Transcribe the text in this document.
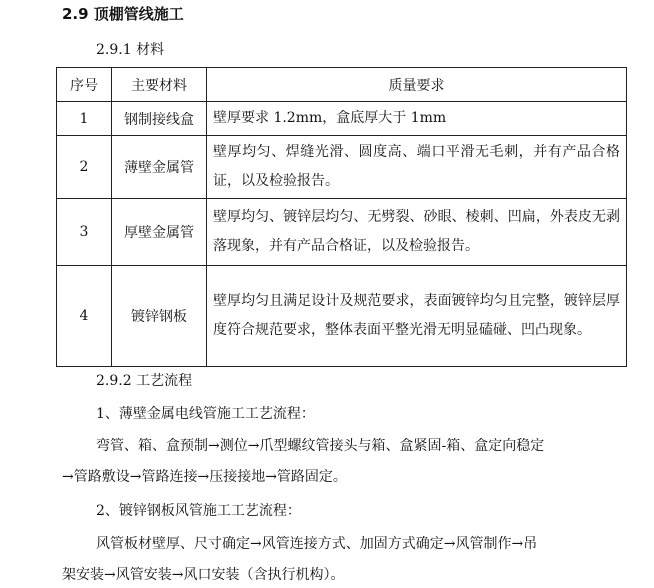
2.9 顶棚管线施工
2.9.1 材料
序号	主要材料	质量要求
1	钢制接线盒	壁厚要求 1.2mm，盒底厚大于 1mm
2	薄壁金属管	壁厚均匀、焊缝光滑、圆度高、端口平滑无毛刺，并有产品合格证，以及检验报告。
3	厚壁金属管	壁厚均匀、镀锌层均匀、无劈裂、砂眼、棱刺、凹扁，外表皮无剥落现象，并有产品合格证，以及检验报告。
4	镀锌钢板	壁厚均匀且满足设计及规范要求，表面镀锌均匀且完整，镀锌层厚度符合规范要求，整体表面平整光滑无明显磕碰、凹凸现象。
2.9.2 工艺流程
1、薄壁金属电线管施工工艺流程：
弯管、箱、盒预制→测位→爪型螺纹管接头与箱、盒紧固-箱、盒定向稳定
→管路敷设→管路连接→压接接地→管路固定。
2、镀锌钢板风管施工工艺流程：
风管板材壁厚、尺寸确定→风管连接方式、加固方式确定→风管制作→吊
架安装→风管安装→风口安装（含执行机构）。
